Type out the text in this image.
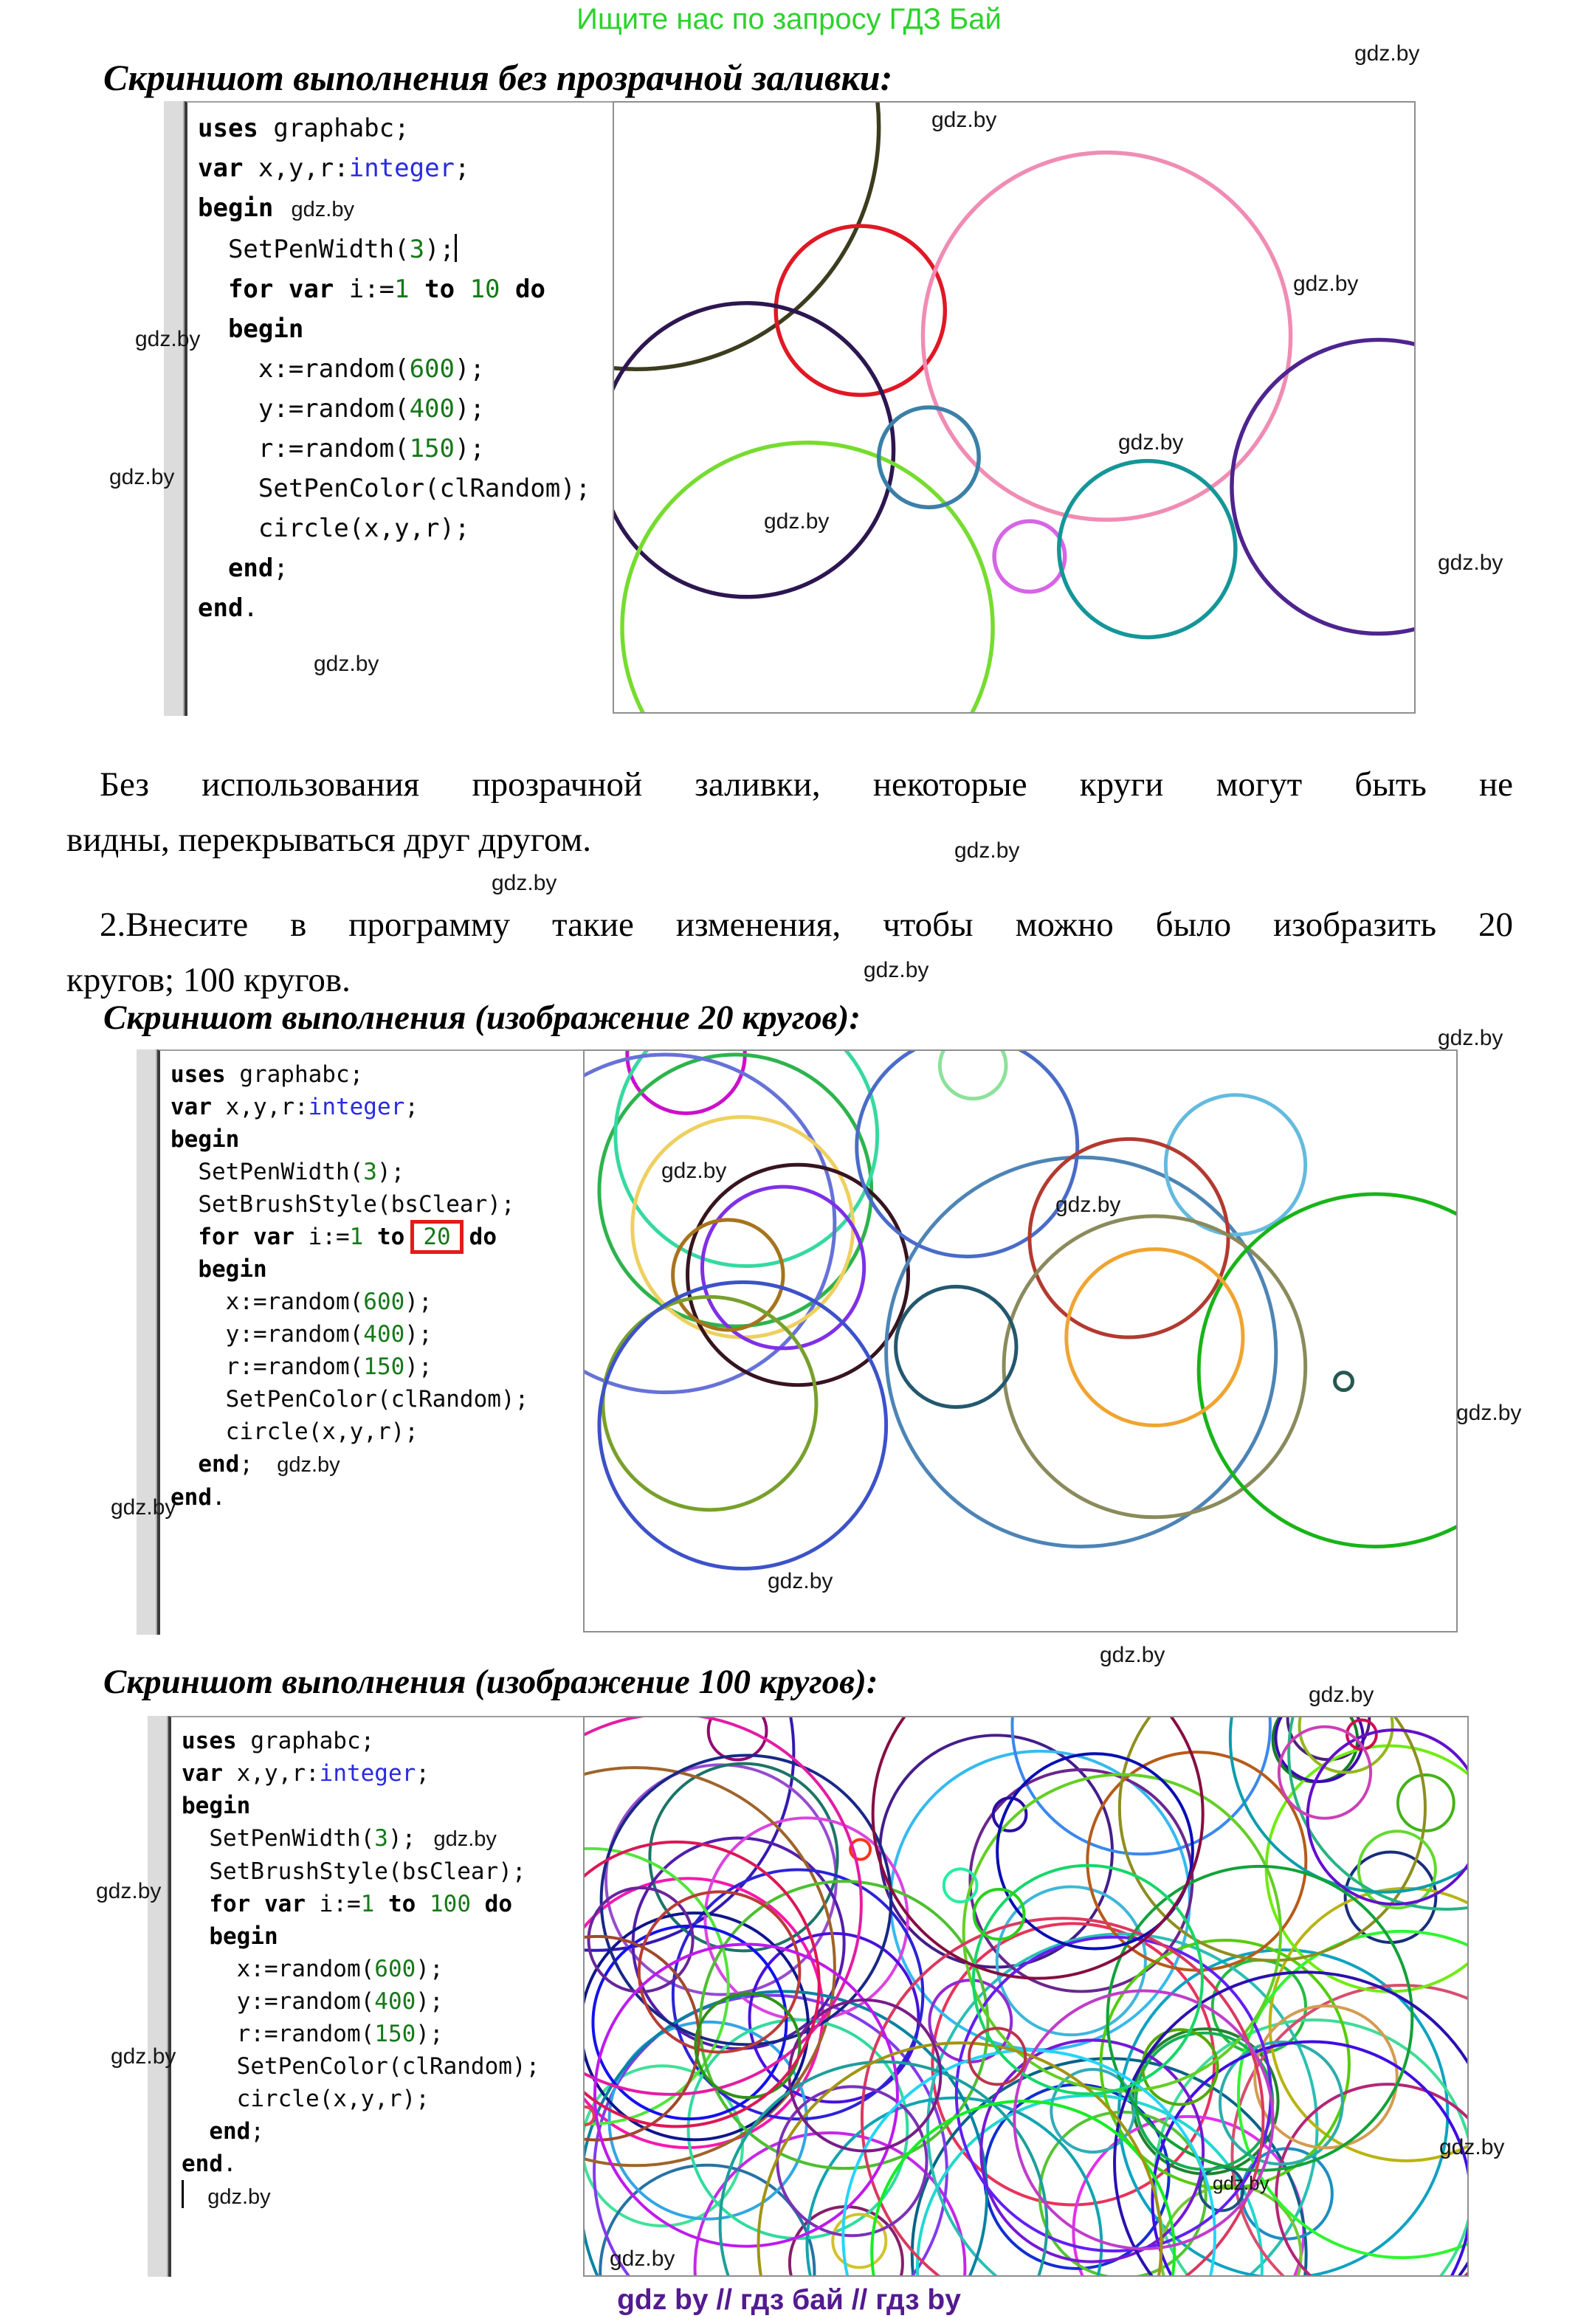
Ищите нас по запросу ГДЗ Бай
Скриншот выполнения без прозрачной заливки:
uses graphabc;
var x,y,r:integer;
begin   gdz.by
SetPenWidth(3);
for var i:=1 to 10 do
begin
x:=random(600);
y:=random(400);
r:=random(150);
SetPenColor(clRandom);
circle(x,y,r);
end;
end.

Без использования прозрачной заливки, некоторые круги могут быть не
видны, перекрываться друг другом.

2.Внесите в программу такие изменения, чтобы можно было изобразить 20
кругов; 100 кругов.

Скриншот выполнения (изображение 20 кругов):
uses graphabc;
var x,y,r:integer;
begin
SetPenWidth(3);
SetBrushStyle(bsClear);
for var i:=1 to 20 do
begin
x:=random(600);
y:=random(400);
r:=random(150);
SetPenColor(clRandom);
circle(x,y,r);
end;    gdz.by
end.
Скриншот выполнения (изображение 100 кругов):
uses graphabc;
var x,y,r:integer;
begin
SetPenWidth(3);   gdz.by
SetBrushStyle(bsClear);
for var i:=1 to 100 do
begin
x:=random(600);
y:=random(400);
r:=random(150);
SetPenColor(clRandom);
circle(x,y,r);
end;
end.
gdz.by
gdz by // гдз бай // гдз by
gdz.by
gdz.by
gdz.by
gdz.by
gdz.by
gdz.by
gdz.by
gdz.by
gdz.by
gdz.by
gdz.by
gdz.by
gdz.by
gdz.by
gdz.by
gdz.by
gdz.by
gdz.by
gdz.by
gdz.by
gdz.by
gdz.by
gdz.by
gdz.by
gdz.by
